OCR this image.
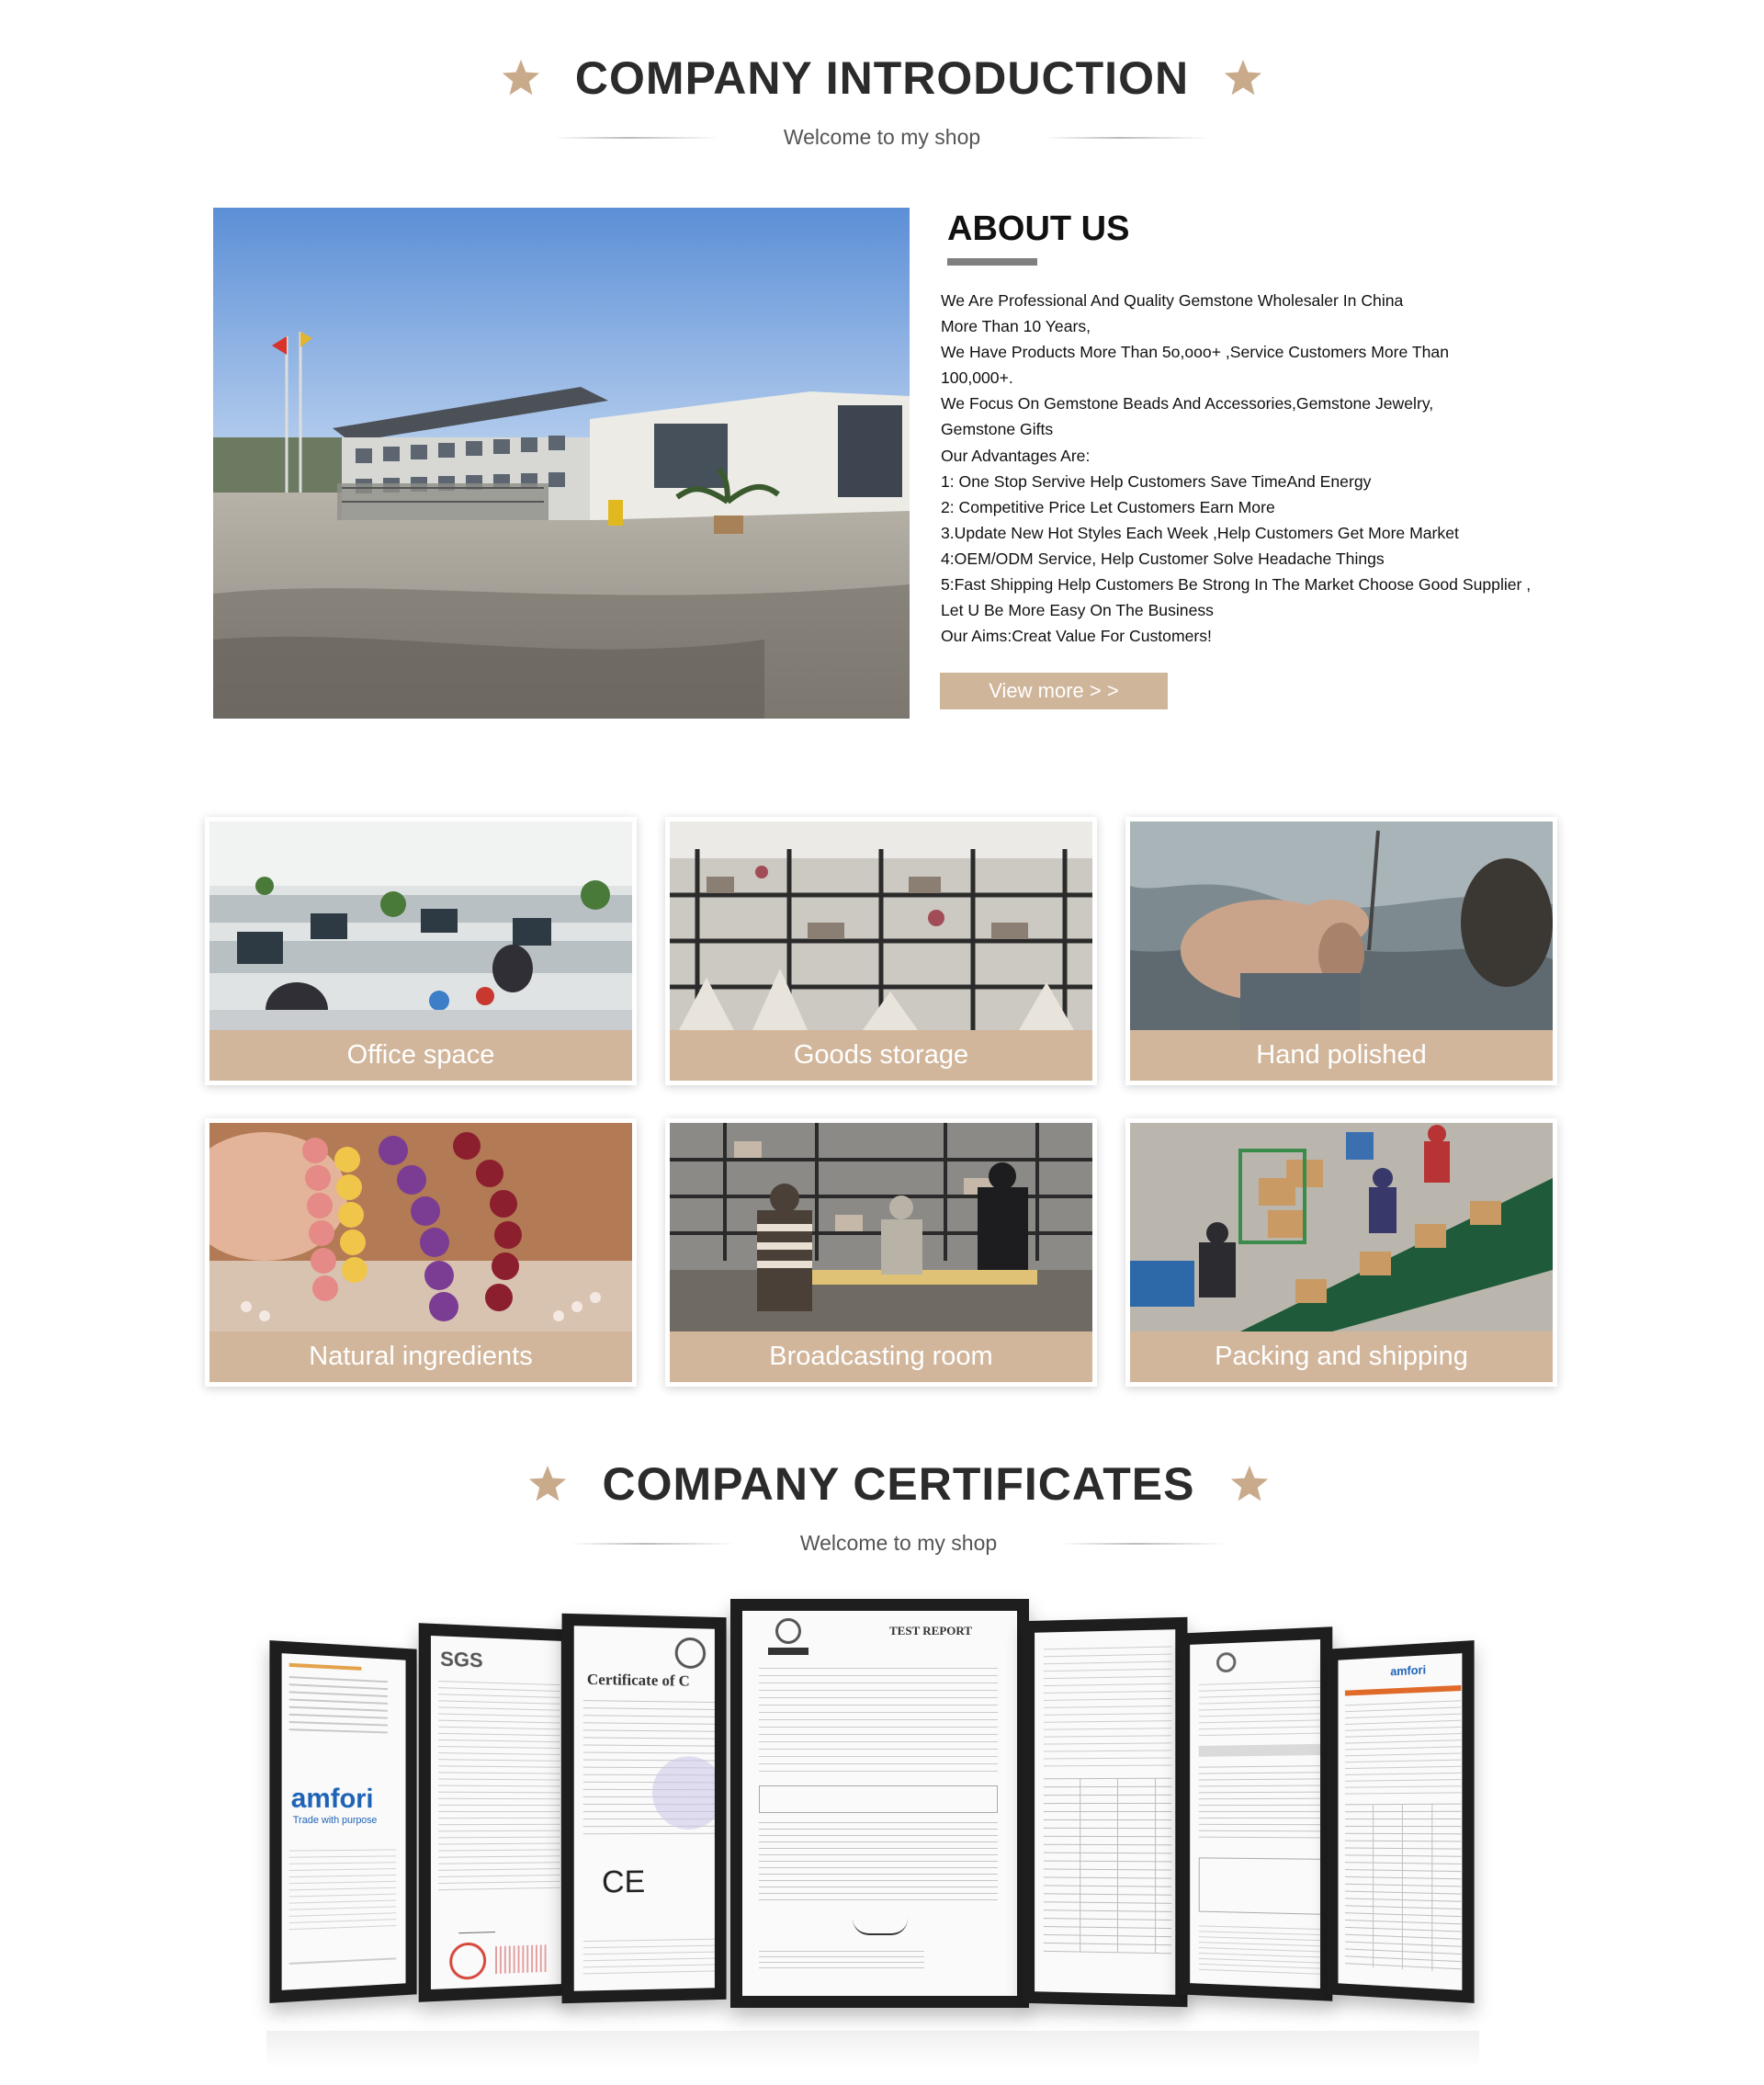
COMPANY INTRODUCTION
Welcome to my shop
ABOUT US
We Are Professional And Quality Gemstone Wholesaler In China
More Than 10 Years,
We Have Products More Than 5o,ooo+ ,Service Customers More Than
100,000+.
We Focus On Gemstone Beads And Accessories,Gemstone Jewelry,
Gemstone Gifts
Our Advantages Are:
1: One Stop Servive Help Customers Save TimeAnd Energy
2: Competitive Price Let Customers Earn More
3.Update New Hot Styles Each Week ,Help Customers Get More Market
4:OEM/ODM Service, Help Customer Solve Headache Things
5:Fast Shipping Help Customers Be Strong In The Market Choose Good Supplier ,
Let U Be More Easy On The Business
Our Aims:Creat Value For Customers!
View more > >
Office space	Goods storage	Hand polished
Natural ingredients	Broadcasting room	Packing and shipping
COMPANY CERTIFICATES
Welcome to my shop
amfori
Trade with purpose
SGS
Certificate of C
CE
TEST REPORT
amfori
